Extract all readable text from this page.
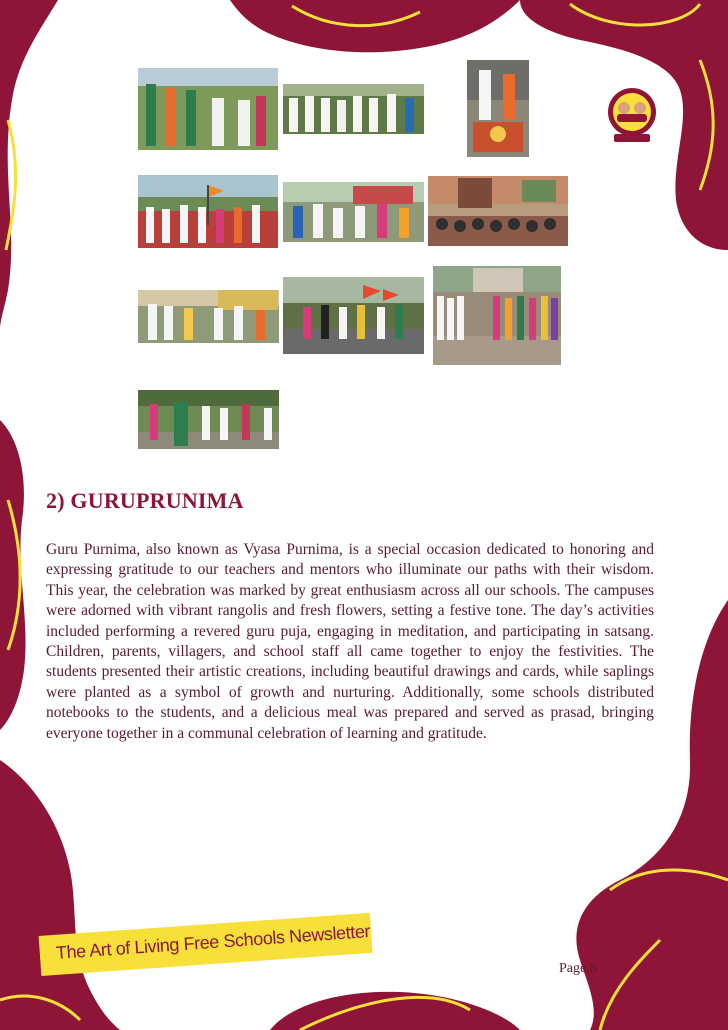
2) GURUPRUNIMA

Guru Purnima, also known as Vyasa Purnima, is a special occasion dedicated to honoring and expressing gratitude to our teachers and mentors who illuminate our paths with their wisdom. This year, the celebration was marked by great enthusiasm across all our schools. The campuses were adorned with vibrant rangolis and fresh flowers, setting a festive tone. The day’s activities included performing a revered guru puja, engaging in meditation, and participating in satsang. Children, parents, villagers, and school staff all came together to enjoy the festivities. The students presented their artistic creations, including beautiful drawings and cards, while saplings were planted as a symbol of growth and nurturing. Additionally, some schools distributed notebooks to the students, and a delicious meal was prepared and served as prasad, bringing everyone together in a communal celebration of learning and gratitude.

The Art of Living Free Schools Newsletter
Page 8
